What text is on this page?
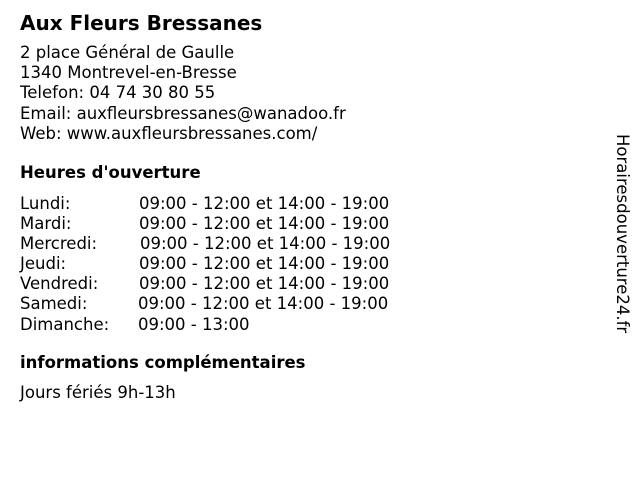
Aux Fleurs Bressanes
2 place Général de Gaulle
1340 Montrevel-en-Bresse
Telefon: 04 74 30 80 55
Email: auxfleursbressanes@wanadoo.fr
Web: www.auxfleursbressanes.com/
Heures d'ouverture
Lundi:	09:00 - 12:00 et 14:00 - 19:00
Mardi:	09:00 - 12:00 et 14:00 - 19:00
Mercredi:	09:00 - 12:00 et 14:00 - 19:00
Jeudi:	09:00 - 12:00 et 14:00 - 19:00
Vendredi: 09:00 - 12:00 et 14:00 - 19:00
Samedi:	09:00 - 12:00 et 14:00 - 19:00
Dimanche: 09:00 - 13:00
informations complémentaires
Jours fériés 9h-13h
Horairesdouverture24.fr
